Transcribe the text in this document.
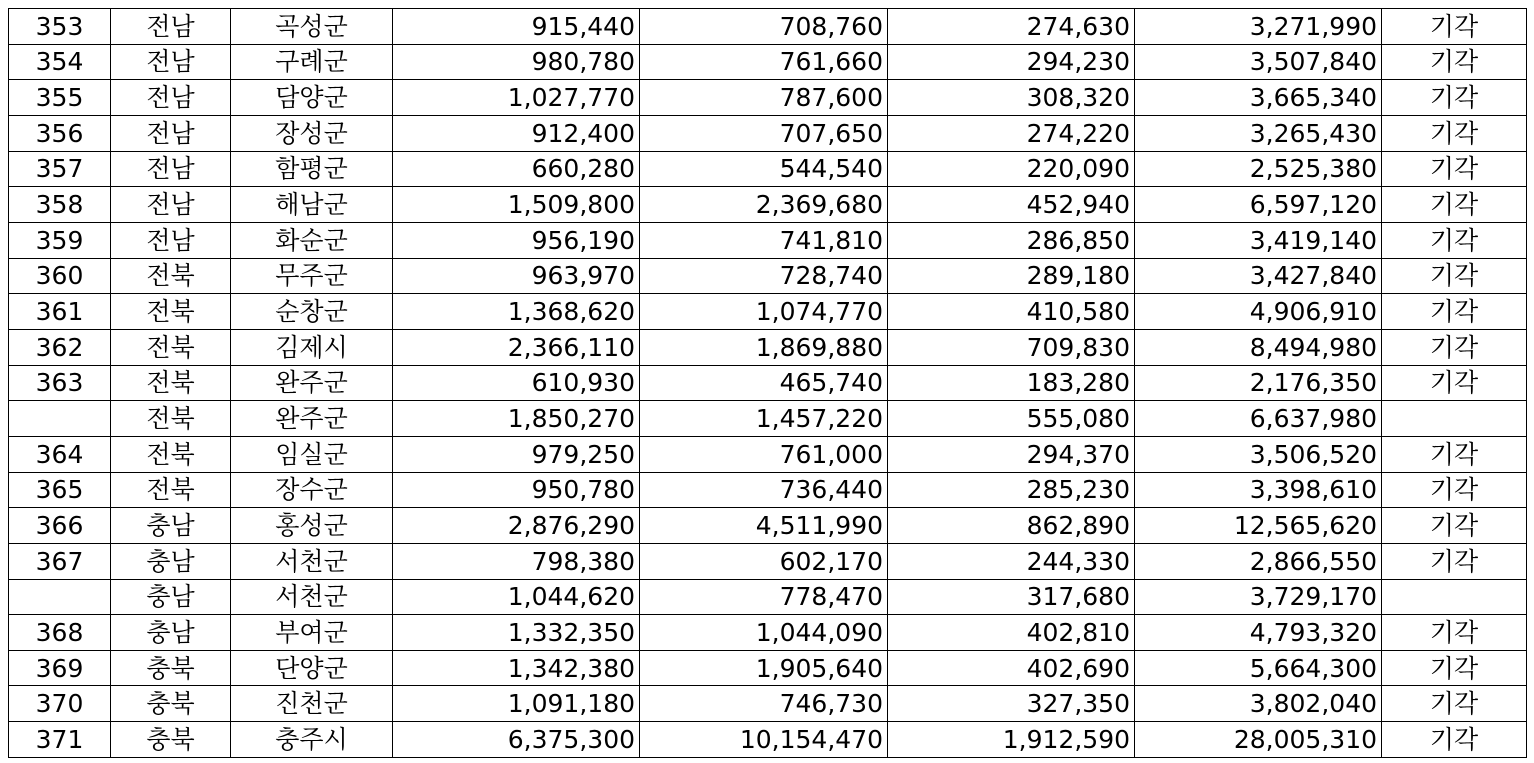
353	전남	곡성군	915,440	708,760	274,630	3,271,990	기각
354	전남	구례군	980,780	761,660	294,230	3,507,840	기각
355	전남	담양군	1,027,770	787,600	308,320	3,665,340	기각
356	전남	장성군	912,400	707,650	274,220	3,265,430	기각
357	전남	함평군	660,280	544,540	220,090	2,525,380	기각
358	전남	해남군	1,509,800	2,369,680	452,940	6,597,120	기각
359	전남	화순군	956,190	741,810	286,850	3,419,140	기각
360	전북	무주군	963,970	728,740	289,180	3,427,840	기각
361	전북	순창군	1,368,620	1,074,770	410,580	4,906,910	기각
362	전북	김제시	2,366,110	1,869,880	709,830	8,494,980	기각
363	전북	완주군	610,930	465,740	183,280	2,176,350	기각
	전북	완주군	1,850,270	1,457,220	555,080	6,637,980	
364	전북	임실군	979,250	761,000	294,370	3,506,520	기각
365	전북	장수군	950,780	736,440	285,230	3,398,610	기각
366	충남	홍성군	2,876,290	4,511,990	862,890	12,565,620	기각
367	충남	서천군	798,380	602,170	244,330	2,866,550	기각
	충남	서천군	1,044,620	778,470	317,680	3,729,170	
368	충남	부여군	1,332,350	1,044,090	402,810	4,793,320	기각
369	충북	단양군	1,342,380	1,905,640	402,690	5,664,300	기각
370	충북	진천군	1,091,180	746,730	327,350	3,802,040	기각
371	충북	충주시	6,375,300	10,154,470	1,912,590	28,005,310	기각
